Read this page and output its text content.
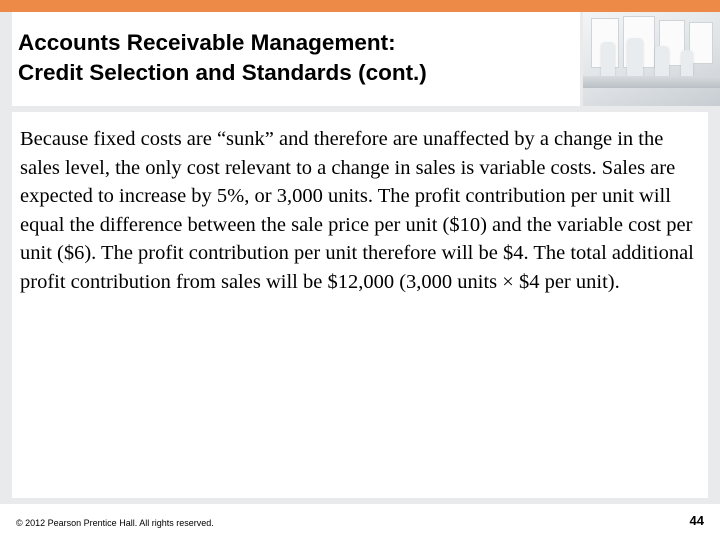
Accounts Receivable Management:
Credit Selection and Standards (cont.)

Because fixed costs are “sunk” and therefore are unaffected by a change in the sales level, the only cost relevant to a change in sales is variable costs. Sales are expected to increase by 5%, or 3,000 units. The profit contribution per unit will equal the difference between the sale price per unit ($10) and the variable cost per unit ($6). The profit contribution per unit therefore will be $4. The total additional profit contribution from sales will be $12,000 (3,000 units × $4 per unit).

© 2012 Pearson Prentice Hall. All rights reserved.	44
